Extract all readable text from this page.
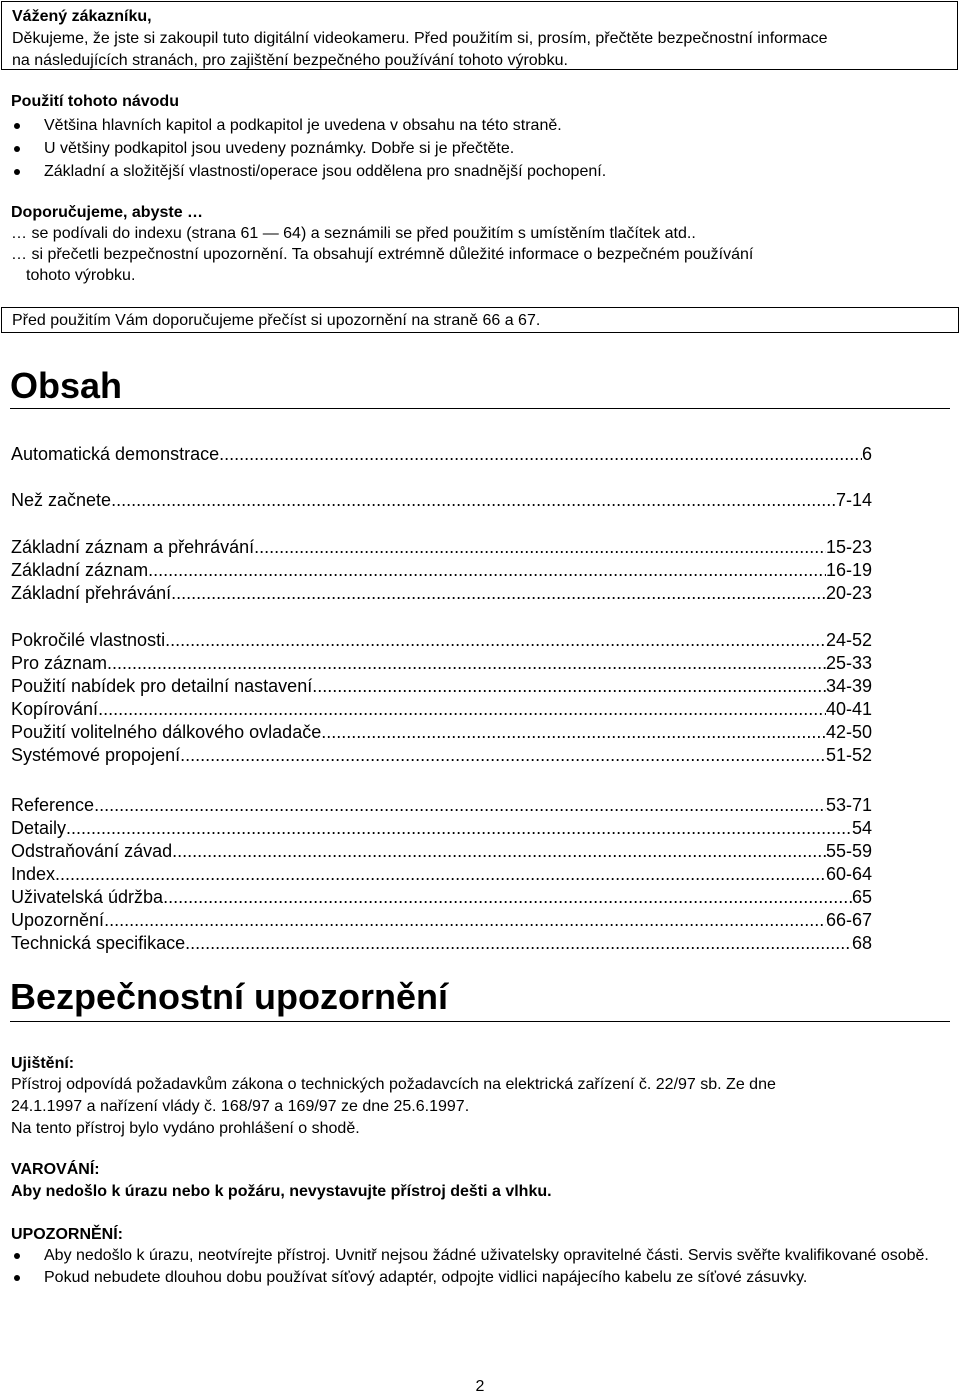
Vážený zákazníku,
Děkujeme, že jste si zakoupil tuto digitální videokameru. Před použitím si, prosím, přečtěte bezpečnostní informace
na následujících stranách, pro zajištění bezpečného používání tohoto výrobku.
Použití tohoto návodu
Většina hlavních kapitol a podkapitol je uvedena v obsahu na této straně.
U většiny podkapitol jsou uvedeny poznámky. Dobře si je přečtěte.
Základní a složitější vlastnosti/operace jsou oddělena pro snadnější pochopení.
Doporučujeme, abyste …
… se podívali do indexu (strana 61 — 64) a seznámili se před použitím s umístěním tlačítek atd..
… si přečetli bezpečnostní upozornění. Ta obsahují extrémně důležité informace o bezpečném používání
tohoto výrobku.
Před použitím Vám doporučujeme přečíst si upozornění na straně 66 a 67.
Obsah
Automatická demonstrace .....	6
Než začnete .....	7-14
Základní záznam a přehrávání .....	15-23
Základní záznam .....	16-19
Základní přehrávání .....	20-23
Pokročilé vlastnosti .....	24-52
Pro záznam .....	25-33
Použití nabídek pro detailní nastavení .....	34-39
Kopírování .....	40-41
Použití volitelného dálkového ovladače .....	42-50
Systémové propojení .....	51-52
Reference .....	53-71
Detaily .....	54
Odstraňování závad .....	55-59
Index .....	60-64
Uživatelská údržba .....	65
Upozornění .....	66-67
Technická specifikace .....	68
Bezpečnostní upozornění
Ujištění:
Přístroj odpovídá požadavkům zákona o technických požadavcích na elektrická zařízení č. 22/97 sb. Ze dne
24.1.1997 a nařízení vlády č. 168/97 a 169/97 ze dne 25.6.1997.
Na tento přístroj bylo vydáno prohlášení o shodě.
VAROVÁNÍ:
Aby nedošlo k úrazu nebo k požáru, nevystavujte přístroj dešti a vlhku.
UPOZORNĚNÍ:
Aby nedošlo k úrazu, neotvírejte přístroj. Uvnitř nejsou žádné uživatelsky opravitelné části. Servis svěřte kvalifikované osobě.
Pokud nebudete dlouhou dobu používat síťový adaptér, odpojte vidlici napájecího kabelu ze síťové zásuvky.
2
